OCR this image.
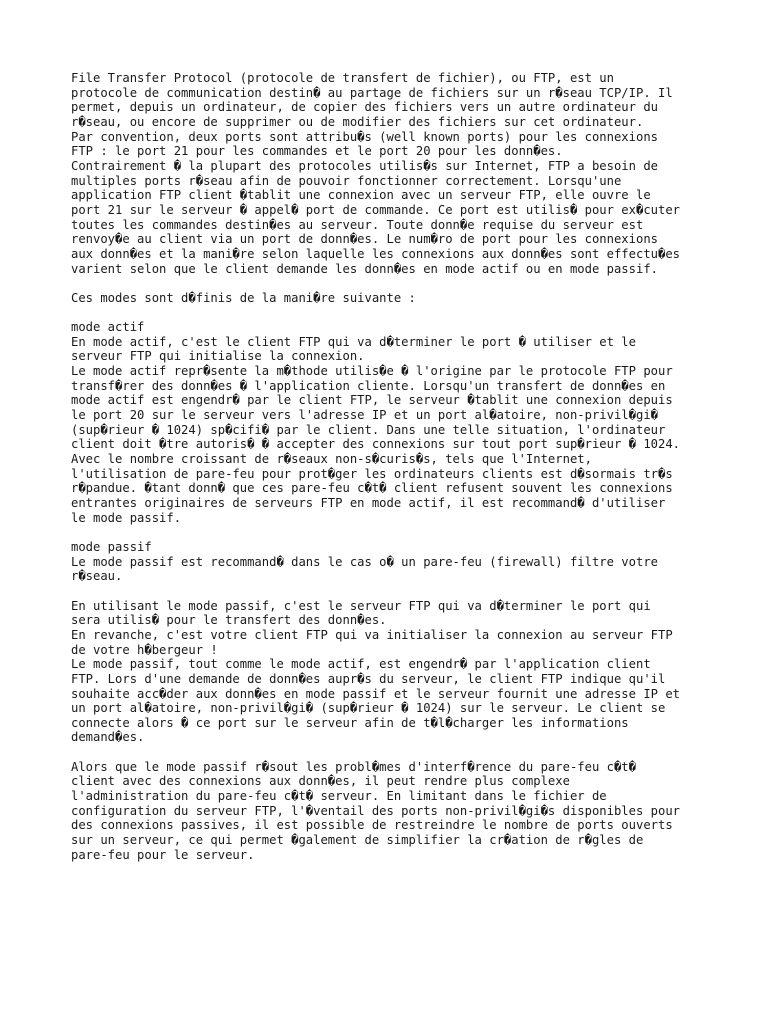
File Transfer Protocol (protocole de transfert de fichier), ou FTP, est un
protocole de communication destin� au partage de fichiers sur un r�seau TCP/IP. Il
permet, depuis un ordinateur, de copier des fichiers vers un autre ordinateur du
r�seau, ou encore de supprimer ou de modifier des fichiers sur cet ordinateur.
Par convention, deux ports sont attribu�s (well known ports) pour les connexions
FTP : le port 21 pour les commandes et le port 20 pour les donn�es.
Contrairement � la plupart des protocoles utilis�s sur Internet, FTP a besoin de
multiples ports r�seau afin de pouvoir fonctionner correctement. Lorsqu'une
application FTP client �tablit une connexion avec un serveur FTP, elle ouvre le
port 21 sur le serveur � appel� port de commande. Ce port est utilis� pour ex�cuter
toutes les commandes destin�es au serveur. Toute donn�e requise du serveur est
renvoy�e au client via un port de donn�es. Le num�ro de port pour les connexions
aux donn�es et la mani�re selon laquelle les connexions aux donn�es sont effectu�es
varient selon que le client demande les donn�es en mode actif ou en mode passif.

Ces modes sont d�finis de la mani�re suivante :

mode actif
En mode actif, c'est le client FTP qui va d�terminer le port � utiliser et le
serveur FTP qui initialise la connexion.
Le mode actif repr�sente la m�thode utilis�e � l'origine par le protocole FTP pour
transf�rer des donn�es � l'application cliente. Lorsqu'un transfert de donn�es en
mode actif est engendr� par le client FTP, le serveur �tablit une connexion depuis
le port 20 sur le serveur vers l'adresse IP et un port al�atoire, non-privil�gi�
(sup�rieur � 1024) sp�cifi� par le client. Dans une telle situation, l'ordinateur
client doit �tre autoris� � accepter des connexions sur tout port sup�rieur � 1024.
Avec le nombre croissant de r�seaux non-s�curis�s, tels que l'Internet,
l'utilisation de pare-feu pour prot�ger les ordinateurs clients est d�sormais tr�s
r�pandue. �tant donn� que ces pare-feu c�t� client refusent souvent les connexions
entrantes originaires de serveurs FTP en mode actif, il est recommand� d'utiliser
le mode passif.

mode passif
Le mode passif est recommand� dans le cas o� un pare-feu (firewall) filtre votre
r�seau.

En utilisant le mode passif, c'est le serveur FTP qui va d�terminer le port qui
sera utilis� pour le transfert des donn�es.
En revanche, c'est votre client FTP qui va initialiser la connexion au serveur FTP
de votre h�bergeur !
Le mode passif, tout comme le mode actif, est engendr� par l'application client
FTP. Lors d'une demande de donn�es aupr�s du serveur, le client FTP indique qu'il
souhaite acc�der aux donn�es en mode passif et le serveur fournit une adresse IP et
un port al�atoire, non-privil�gi� (sup�rieur � 1024) sur le serveur. Le client se
connecte alors � ce port sur le serveur afin de t�l�charger les informations
demand�es.

Alors que le mode passif r�sout les probl�mes d'interf�rence du pare-feu c�t�
client avec des connexions aux donn�es, il peut rendre plus complexe
l'administration du pare-feu c�t� serveur. En limitant dans le fichier de
configuration du serveur FTP, l'�ventail des ports non-privil�gi�s disponibles pour
des connexions passives, il est possible de restreindre le nombre de ports ouverts
sur un serveur, ce qui permet �galement de simplifier la cr�ation de r�gles de
pare-feu pour le serveur.
